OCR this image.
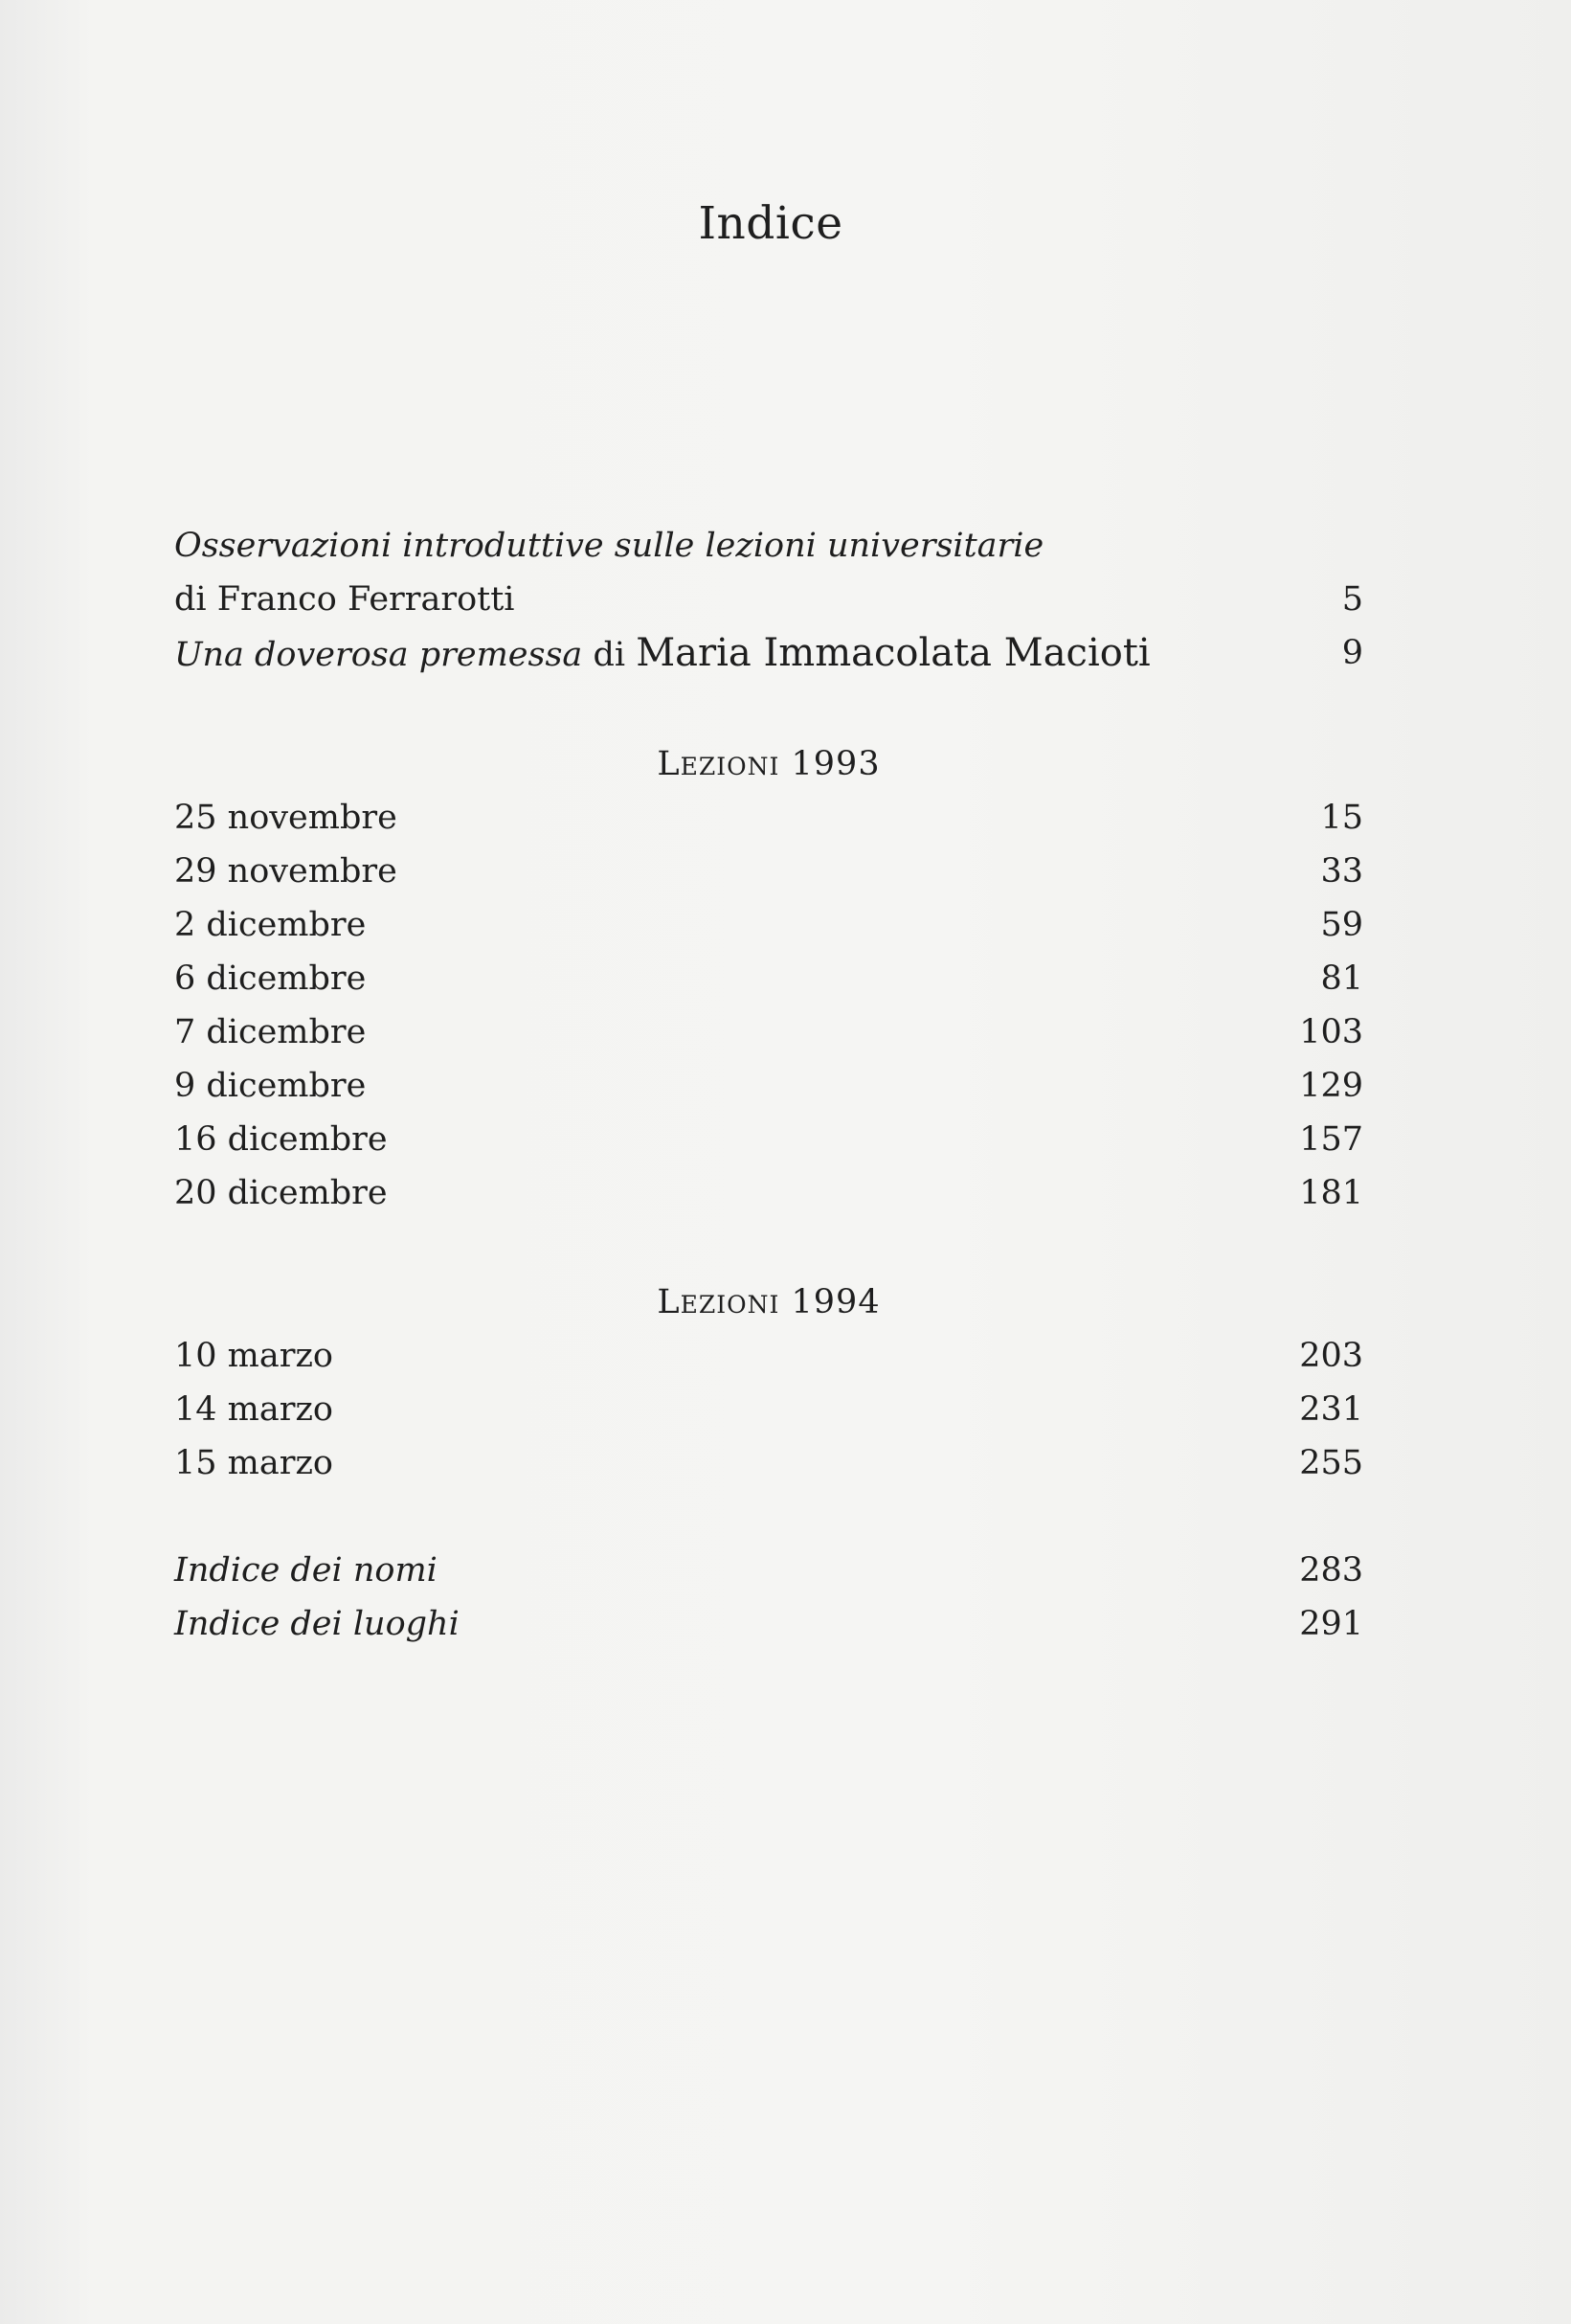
Indice
Osservazioni introduttive sulle lezioni universitarie
di Franco Ferrarotti	5
Una doverosa premessa di Maria Immacolata Macioti	9
Lezioni 1993
25 novembre	15
29 novembre	33
2 dicembre	59
6 dicembre	81
7 dicembre	103
9 dicembre	129
16 dicembre	157
20 dicembre	181
Lezioni 1994
10 marzo	203
14 marzo	231
15 marzo	255
Indice dei nomi	283
Indice dei luoghi	291
